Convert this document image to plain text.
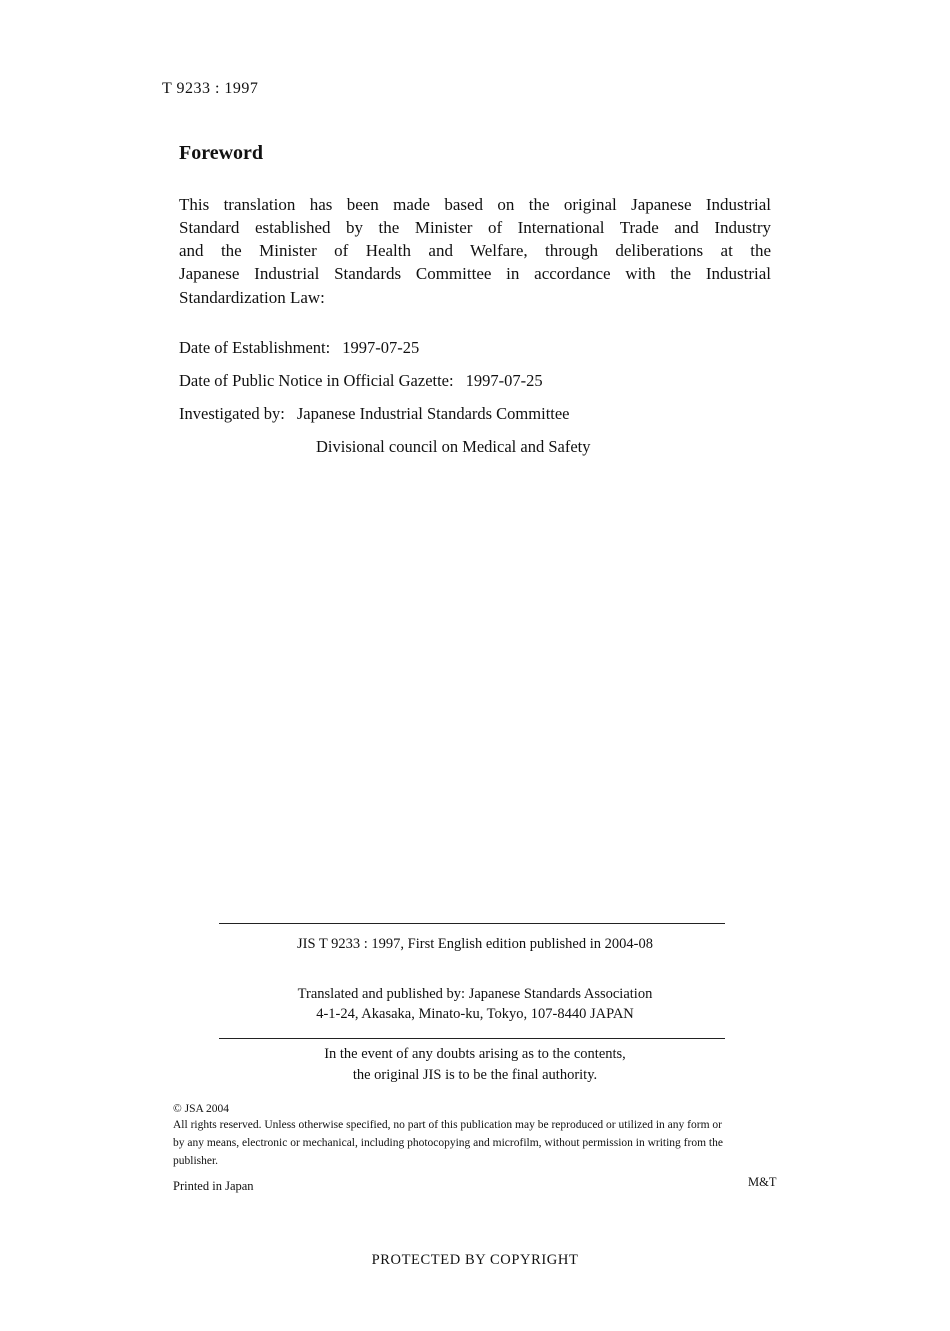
T 9233 : 1997
Foreword
This translation has been made based on the original Japanese Industrial
Standard established by the Minister of International Trade and Industry
and the Minister of Health and Welfare, through deliberations at the
Japanese Industrial Standards Committee in accordance with the Industrial
Standardization Law:
Date of Establishment: 1997-07-25
Date of Public Notice in Official Gazette: 1997-07-25
Investigated by: Japanese Industrial Standards Committee
Divisional council on Medical and Safety
JIS T 9233 : 1997, First English edition published in 2004-08
Translated and published by: Japanese Standards Association
4-1-24, Akasaka, Minato-ku, Tokyo, 107-8440 JAPAN
In the event of any doubts arising as to the contents,
the original JIS is to be the final authority.
© JSA 2004
All rights reserved. Unless otherwise specified, no part of this publication may be reproduced or utilized in any form or
by any means, electronic or mechanical, including photocopying and microfilm, without permission in writing from the
publisher.
Printed in Japan	M&T
PROTECTED BY COPYRIGHT
